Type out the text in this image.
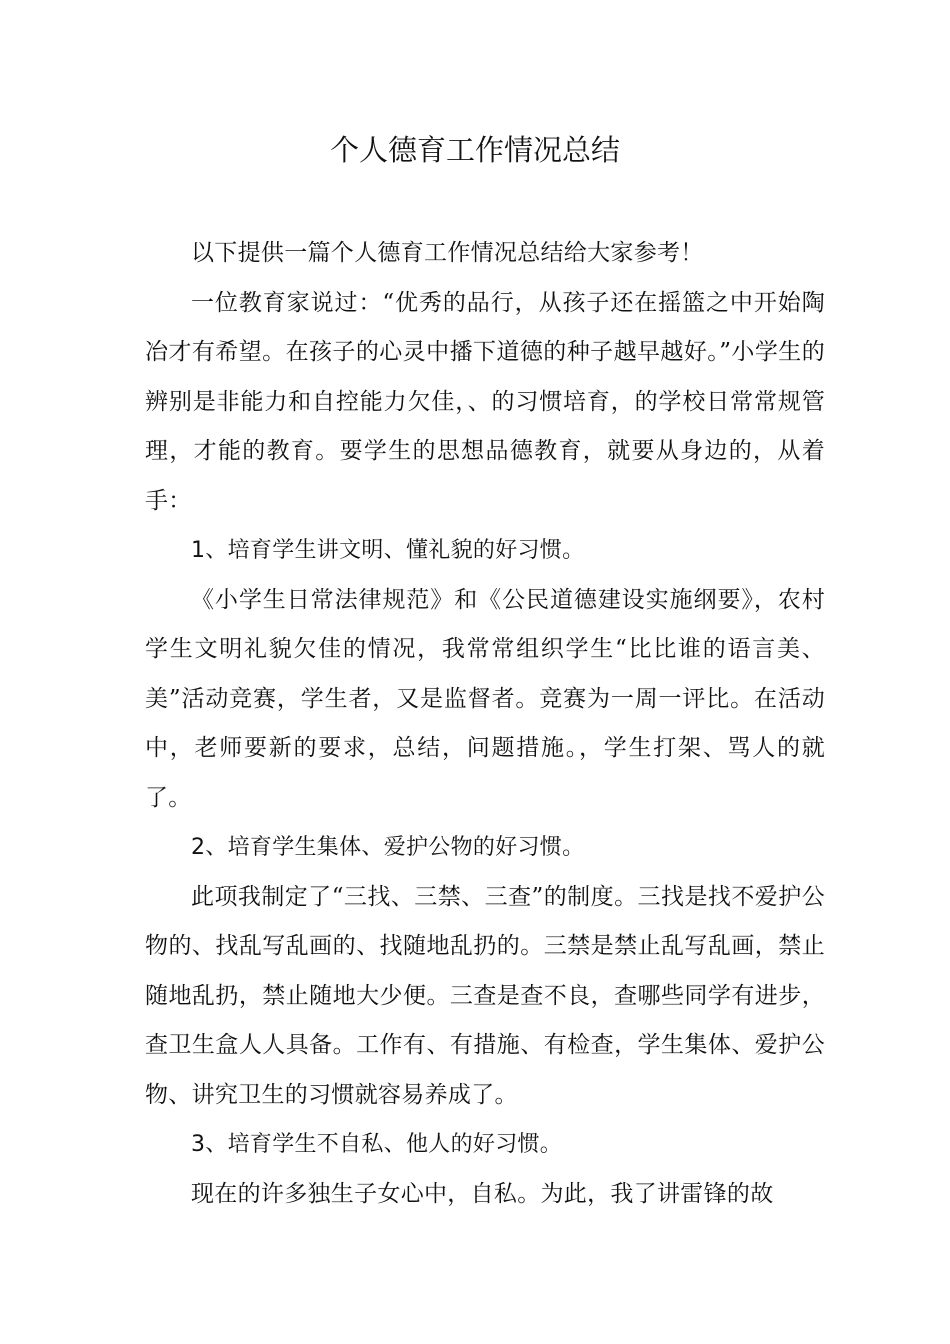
个人德育工作情况总结

以下提供一篇个人德育工作情况总结给大家参考！

一位教育家说过：“优秀的品行，从孩子还在摇篮之中开始陶冶才有希望。在孩子的心灵中播下道德的种子越早越好。”小学生的辨别是非能力和自控能力欠佳，、的习惯培育，的学校日常常规管理，才能的教育。要学生的思想品德教育，就要从身边的，从着手：

1、培育学生讲文明、懂礼貌的好习惯。

《小学生日常法律规范》和《公民道德建设实施纲要》，农村学生文明礼貌欠佳的情况，我常常组织学生“比比谁的语言美、美”活动竞赛，学生者，又是监督者。竞赛为一周一评比。在活动中，老师要新的要求，总结，问题措施。，学生打架、骂人的就了。

2、培育学生集体、爱护公物的好习惯。

此项我制定了“三找、三禁、三查”的制度。三找是找不爱护公物的、找乱写乱画的、找随地乱扔的。三禁是禁止乱写乱画，禁止随地乱扔，禁止随地大少便。三查是查不良，查哪些同学有进步，查卫生盒人人具备。工作有、有措施、有检查，学生集体、爱护公物、讲究卫生的习惯就容易养成了。

3、培育学生不自私、他人的好习惯。

现在的许多独生子女心中，自私。为此，我了讲雷锋的故
